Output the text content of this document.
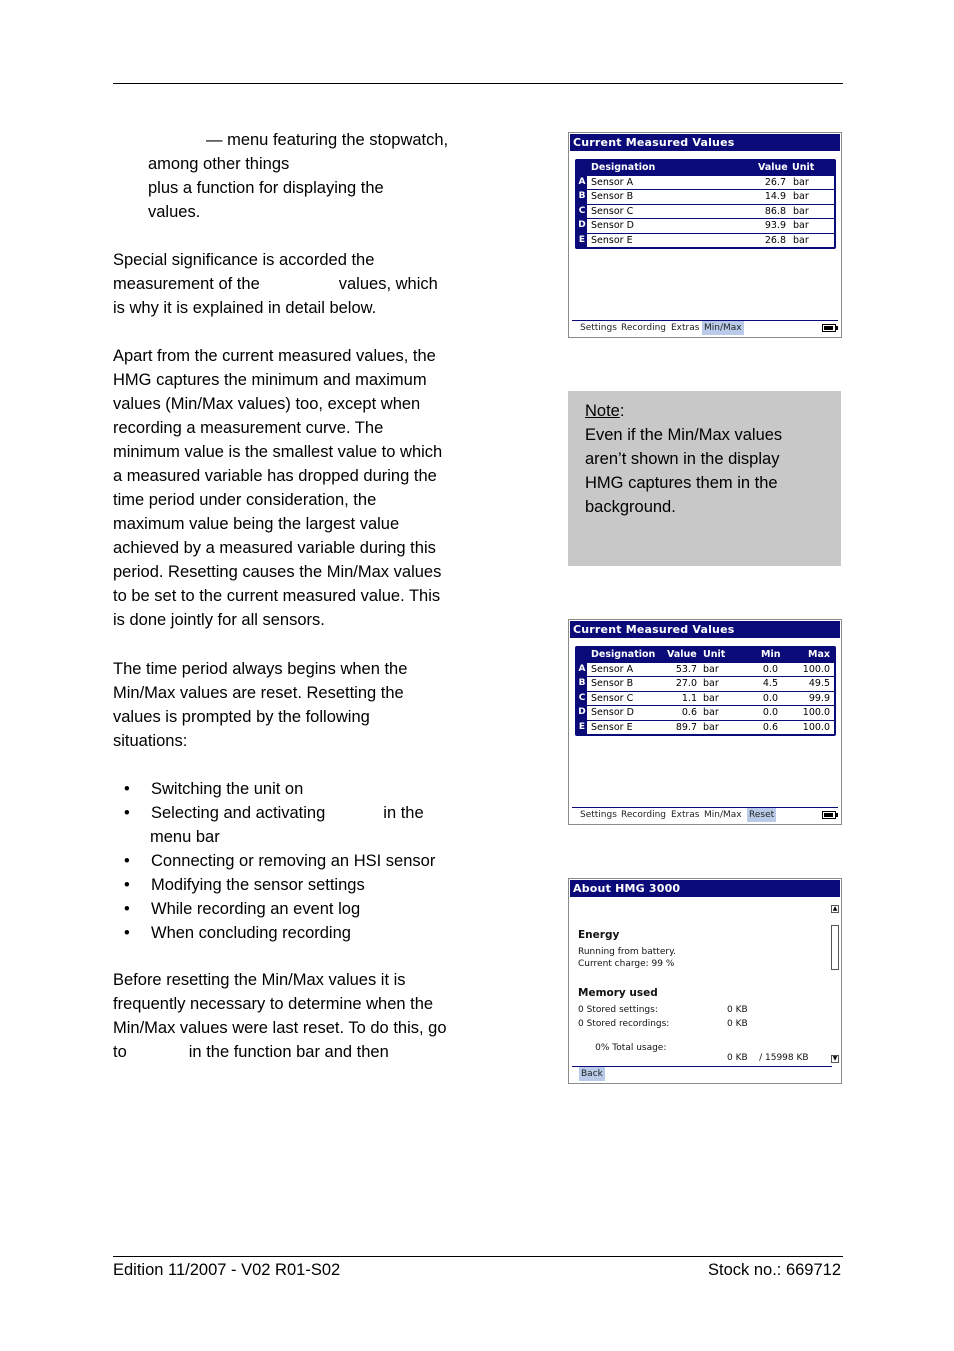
— menu featuring the stopwatch,
among other things
plus a function for displaying the
values.
Special significance is accorded the
measurement of the	values, which
is why it is explained in detail below.
Apart from the current measured values, the
HMG captures the minimum and maximum
values (Min/Max values) too, except when
recording a measurement curve. The
minimum value is the smallest value to which
a measured variable has dropped during the
time period under consideration, the
maximum value being the largest value
achieved by a measured variable during this
period. Resetting causes the Min/Max values
to be set to the current measured value. This
is done jointly for all sensors.
The time period always begins when the
Min/Max values are reset. Resetting the
values is prompted by the following
situations:
• Switching the unit on
• Selecting and activating	in the
menu bar
• Connecting or removing an HSI sensor
• Modifying the sensor settings
• While recording an event log
• When concluding recording
Before resetting the Min/Max values it is
frequently necessary to determine when the
Min/Max values were last reset. To do this, go
to	in the function bar and then
Current Measured Values
Designation	Value Unit
A Sensor A	26.7 bar
B Sensor B	14.9 bar
C Sensor C	86.8 bar
D Sensor D	93.9 bar
E Sensor E	26.8 bar
Settings Recording Extras Min/Max
Note:
Even if the Min/Max values
aren’t shown in the display
HMG captures them in the
background.
Current Measured Values
Designation Value Unit	Min	Max
A Sensor A	53.7 bar	0.0	100.0
B Sensor B	27.0 bar	4.5	49.5
C Sensor C	1.1 bar	0.0	99.9
D Sensor D	0.6 bar	0.0	100.0
E Sensor E	89.7 bar	0.6	100.0
Settings Recording Extras Min/Max Reset
About HMG 3000
Energy
Running from battery.
Current charge: 99 %
Memory used
0 Stored settings:	0 KB
0 Stored recordings:	0 KB

0% Total usage:

0 KB    / 15998 KB

▲
▼
Back
Edition 11/2007 - V02 R01-S02	Stock no.: 669712
